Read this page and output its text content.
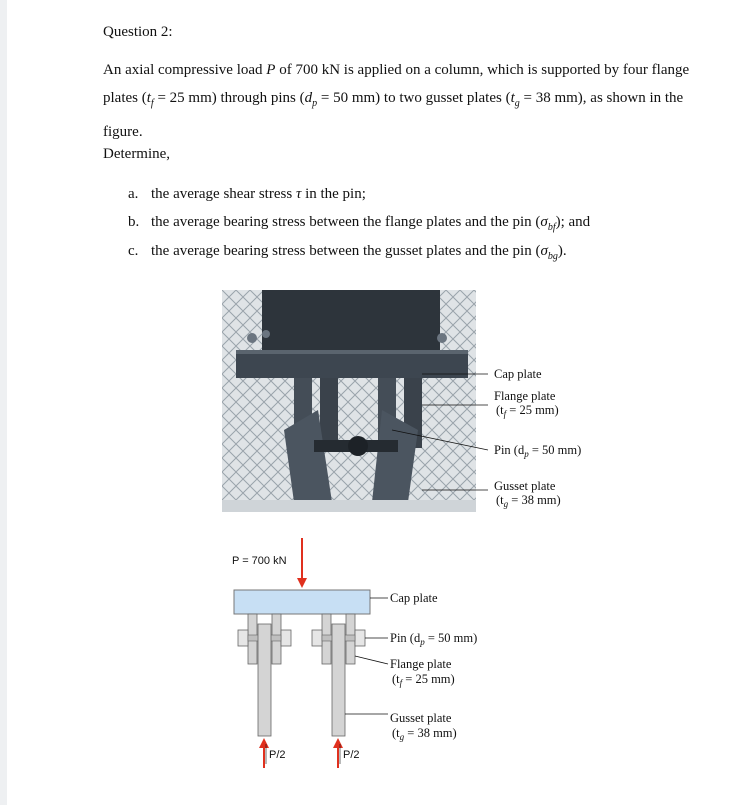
Question 2:
An axial compressive load P of 700 kN is applied on a column, which is supported by four flange plates ($t_f = 25$ mm) through pins ($d_p = 50$ mm) to two gusset plates ($t_g = 38$ mm), as shown in the figure.
Determine,
a. the average shear stress τ in the pin;
b. the average bearing stress between the flange plates and the pin $(\sigma_{bf})$; and
c. the average bearing stress between the gusset plates and the pin $(\sigma_{bg})$.
Cap plate
Flange plate
($t_f = 25$ mm)
Pin ($d_p = 50$ mm)
Gusset plate
($t_g = 38$ mm)
P = 700 kN
P/2	P/2
Cap plate
Pin ($d_p = 50$ mm)
Flange plate
($t_f = 25$ mm)
Gusset plate
($t_g = 38$ mm)
